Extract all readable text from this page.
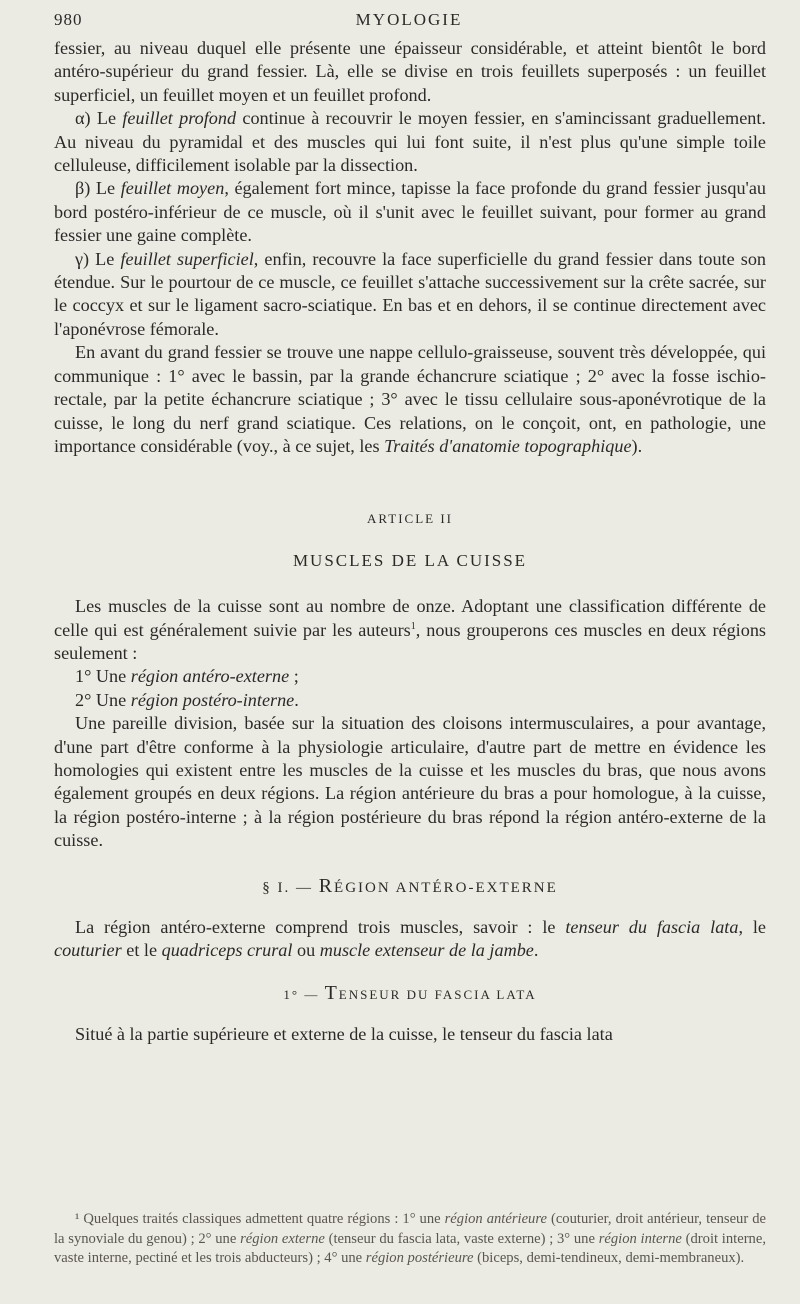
980	MYOLOGIE

fessier, au niveau duquel elle présente une épaisseur considérable, et atteint bientôt le bord antéro-supérieur du grand fessier. Là, elle se divise en trois feuillets superposés : un feuillet superficiel, un feuillet moyen et un feuillet profond.

α) Le feuillet profond continue à recouvrir le moyen fessier, en s'amincissant graduellement. Au niveau du pyramidal et des muscles qui lui font suite, il n'est plus qu'une simple toile celluleuse, difficilement isolable par la dissection.

β) Le feuillet moyen, également fort mince, tapisse la face profonde du grand fessier jusqu'au bord postéro-inférieur de ce muscle, où il s'unit avec le feuillet suivant, pour former au grand fessier une gaine complète.

γ) Le feuillet superficiel, enfin, recouvre la face superficielle du grand fessier dans toute son étendue. Sur le pourtour de ce muscle, ce feuillet s'attache successivement sur la crête sacrée, sur le coccyx et sur le ligament sacro-sciatique. En bas et en dehors, il se continue directement avec l'aponévrose fémorale.

En avant du grand fessier se trouve une nappe cellulo-graisseuse, souvent très développée, qui communique : 1° avec le bassin, par la grande échancrure sciatique ; 2° avec la fosse ischio-rectale, par la petite échancrure sciatique ; 3° avec le tissu cellulaire sous-aponévrotique de la cuisse, le long du nerf grand sciatique. Ces relations, on le conçoit, ont, en pathologie, une importance considérable (voy., à ce sujet, les Traités d'anatomie topographique).

ARTICLE II

MUSCLES DE LA CUISSE

Les muscles de la cuisse sont au nombre de onze. Adoptant une classification différente de celle qui est généralement suivie par les auteurs$^1$, nous grouperons ces muscles en deux régions seulement :

1° Une région antéro-externe ;

2° Une région postéro-interne.

Une pareille division, basée sur la situation des cloisons intermusculaires, a pour avantage, d'une part d'être conforme à la physiologie articulaire, d'autre part de mettre en évidence les homologies qui existent entre les muscles de la cuisse et les muscles du bras, que nous avons également groupés en deux régions. La région antérieure du bras a pour homologue, à la cuisse, la région postéro-interne ; à la région postérieure du bras répond la région antéro-externe de la cuisse.

§ I. — RÉGION ANTÉRO-EXTERNE

La région antéro-externe comprend trois muscles, savoir : le tenseur du fascia lata, le couturier et le quadriceps crural ou muscle extenseur de la jambe.

1° — TENSEUR DU FASCIA LATA

Situé à la partie supérieure et externe de la cuisse, le tenseur du fascia lata

¹ Quelques traités classiques admettent quatre régions : 1° une région antérieure (couturier, droit antérieur, tenseur de la synoviale du genou) ; 2° une région externe (tenseur du fascia lata, vaste externe) ; 3° une région interne (droit interne, vaste interne, pectiné et les trois abducteurs) ; 4° une région postérieure (biceps, demi-tendineux, demi-membraneux).
